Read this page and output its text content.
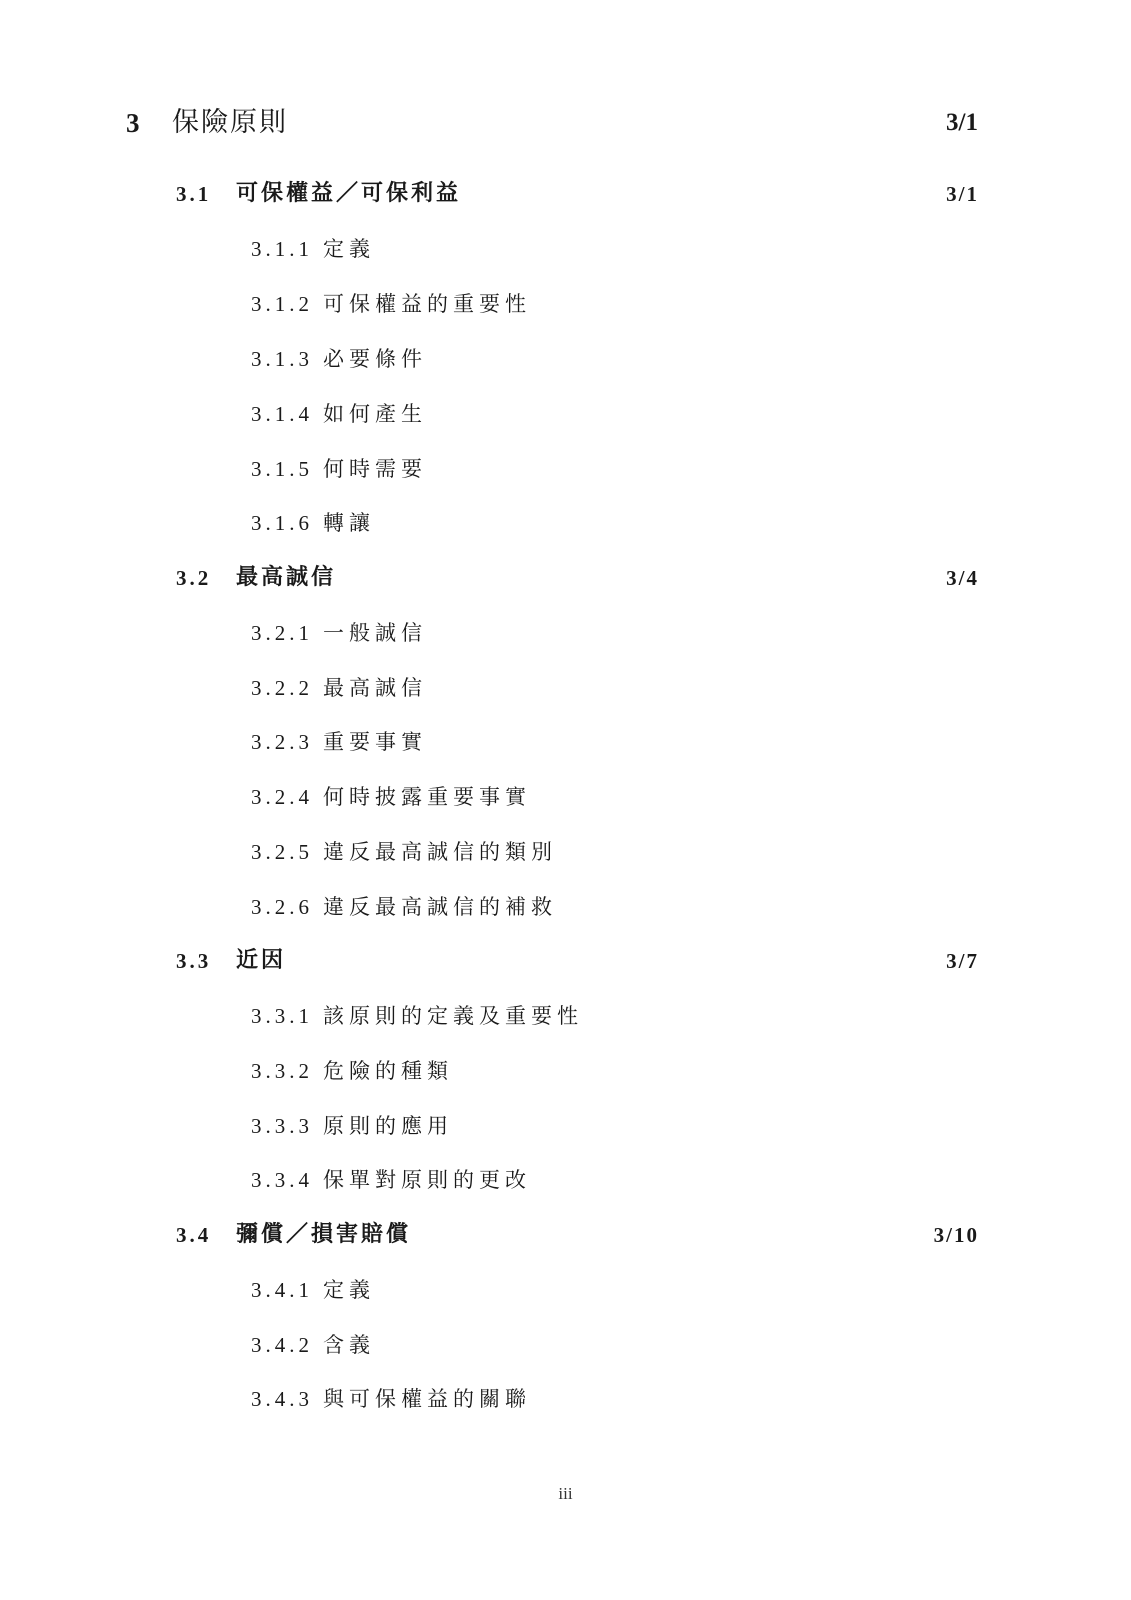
3 保險原則	3/1
3.1 可保權益／可保利益	3/1
3.1.1 定義
3.1.2 可保權益的重要性
3.1.3 必要條件
3.1.4 如何產生
3.1.5 何時需要
3.1.6 轉讓
3.2 最高誠信	3/4
3.2.1 一般誠信
3.2.2 最高誠信
3.2.3 重要事實
3.2.4 何時披露重要事實
3.2.5 違反最高誠信的類別
3.2.6 違反最高誠信的補救
3.3 近因	3/7
3.3.1 該原則的定義及重要性
3.3.2 危險的種類
3.3.3 原則的應用
3.3.4 保單對原則的更改
3.4 彌償／損害賠償	3/10
3.4.1 定義
3.4.2 含義
3.4.3 與可保權益的關聯
iii
